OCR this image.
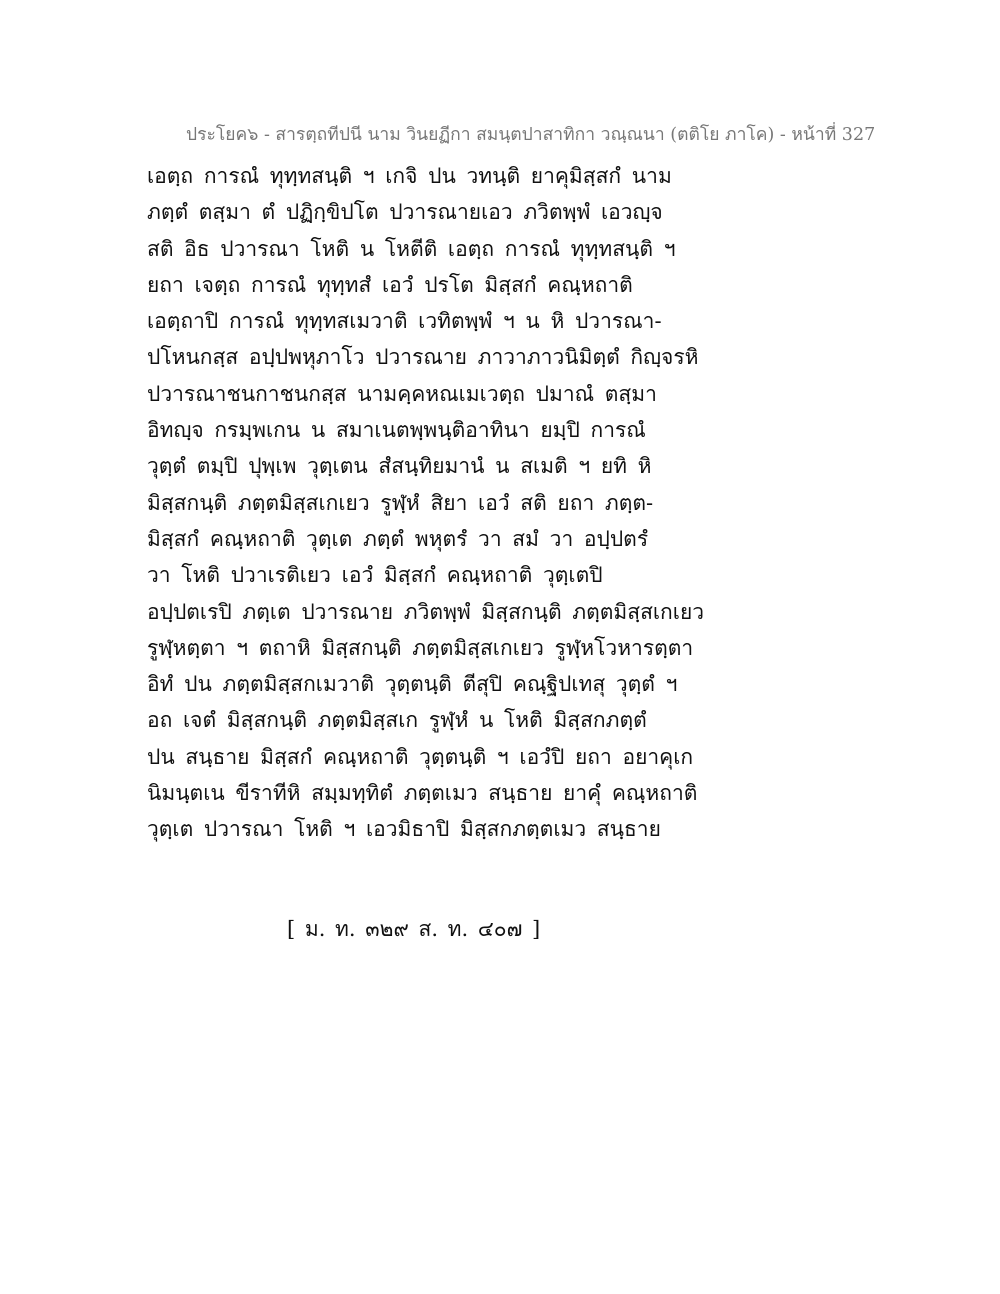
ประโยค๖ - สารตฺถทีปนี นาม วินยฏีกา สมนฺตปาสาทิกา วณฺณนา (ตติโย ภาโค) - หน้าที่ 327
เอตฺถ การณํ ทุทฺทสนฺติ ฯ เกจิ ปน วทนฺติ ยาคุมิสฺสกํ นาม
ภตฺตํ ตสฺมา ตํ ปฏิกฺขิปโต ปวารณายเอว ภวิตพฺพํ เอวญฺจ
สติ อิธ ปวารณา โหติ น โหตีติ เอตฺถ การณํ ทุทฺทสนฺติ ฯ
ยถา เจตฺถ การณํ ทุทฺทสํ เอวํ ปรโต มิสฺสกํ คณฺหถาติ
เอตฺถาปิ การณํ ทุทฺทสเมวาติ เวทิตพฺพํ ฯ น หิ ปวารณา-
ปโหนกสฺส อปฺปพหุภาโว ปวารณาย ภาวาภาวนิมิตฺตํ กิญฺจรหิ
ปวารณาชนกาชนกสฺส นามคฺคหณเมเวตฺถ ปมาณํ ตสฺมา
อิทญฺจ กรมฺพเกน น สมาเนตพฺพนฺติอาทินา ยมฺปิ การณํ
วุตฺตํ ตมฺปิ ปุพฺเพ วุตฺเตน สํสนฺทิยมานํ น สเมติ ฯ ยทิ หิ
มิสฺสกนฺติ ภตฺตมิสฺสเกเยว รูฬฺหํ สิยา เอวํ สติ ยถา ภตฺต-
มิสฺสกํ คณฺหถาติ วุตฺเต ภตฺตํ พหุตรํ วา สมํ วา อปฺปตรํ
วา โหติ ปวาเรติเยว เอวํ มิสฺสกํ คณฺหถาติ วุตฺเตปิ
อปฺปตเรปิ ภตฺเต ปวารณาย ภวิตพฺพํ มิสฺสกนฺติ ภตฺตมิสฺสเกเยว
รูฬฺหตฺตา ฯ ตถาหิ มิสฺสกนฺติ ภตฺตมิสฺสเกเยว รูฬฺหโวหารตฺตา
อิทํ ปน ภตฺตมิสฺสกเมวาติ วุตฺตนฺติ ตีสุปิ คณฺฐิปเทสุ วุตฺตํ ฯ
อถ เจตํ มิสฺสกนฺติ ภตฺตมิสฺสเก รูฬฺหํ น โหติ มิสฺสกภตฺตํ
ปน สนฺธาย มิสฺสกํ คณฺหถาติ วุตฺตนฺติ ฯ เอวํปิ ยถา อยาคุเก
นิมนฺตเน ขีราทีหิ สมฺมทฺทิตํ ภตฺตเมว สนฺธาย ยาคุํ คณฺหถาติ
วุตฺเต ปวารณา โหติ ฯ เอวมิธาปิ มิสฺสกภตฺตเมว สนฺธาย
[ ม. ท. ๓๒๙ ส. ท. ๔๐๗ ]
